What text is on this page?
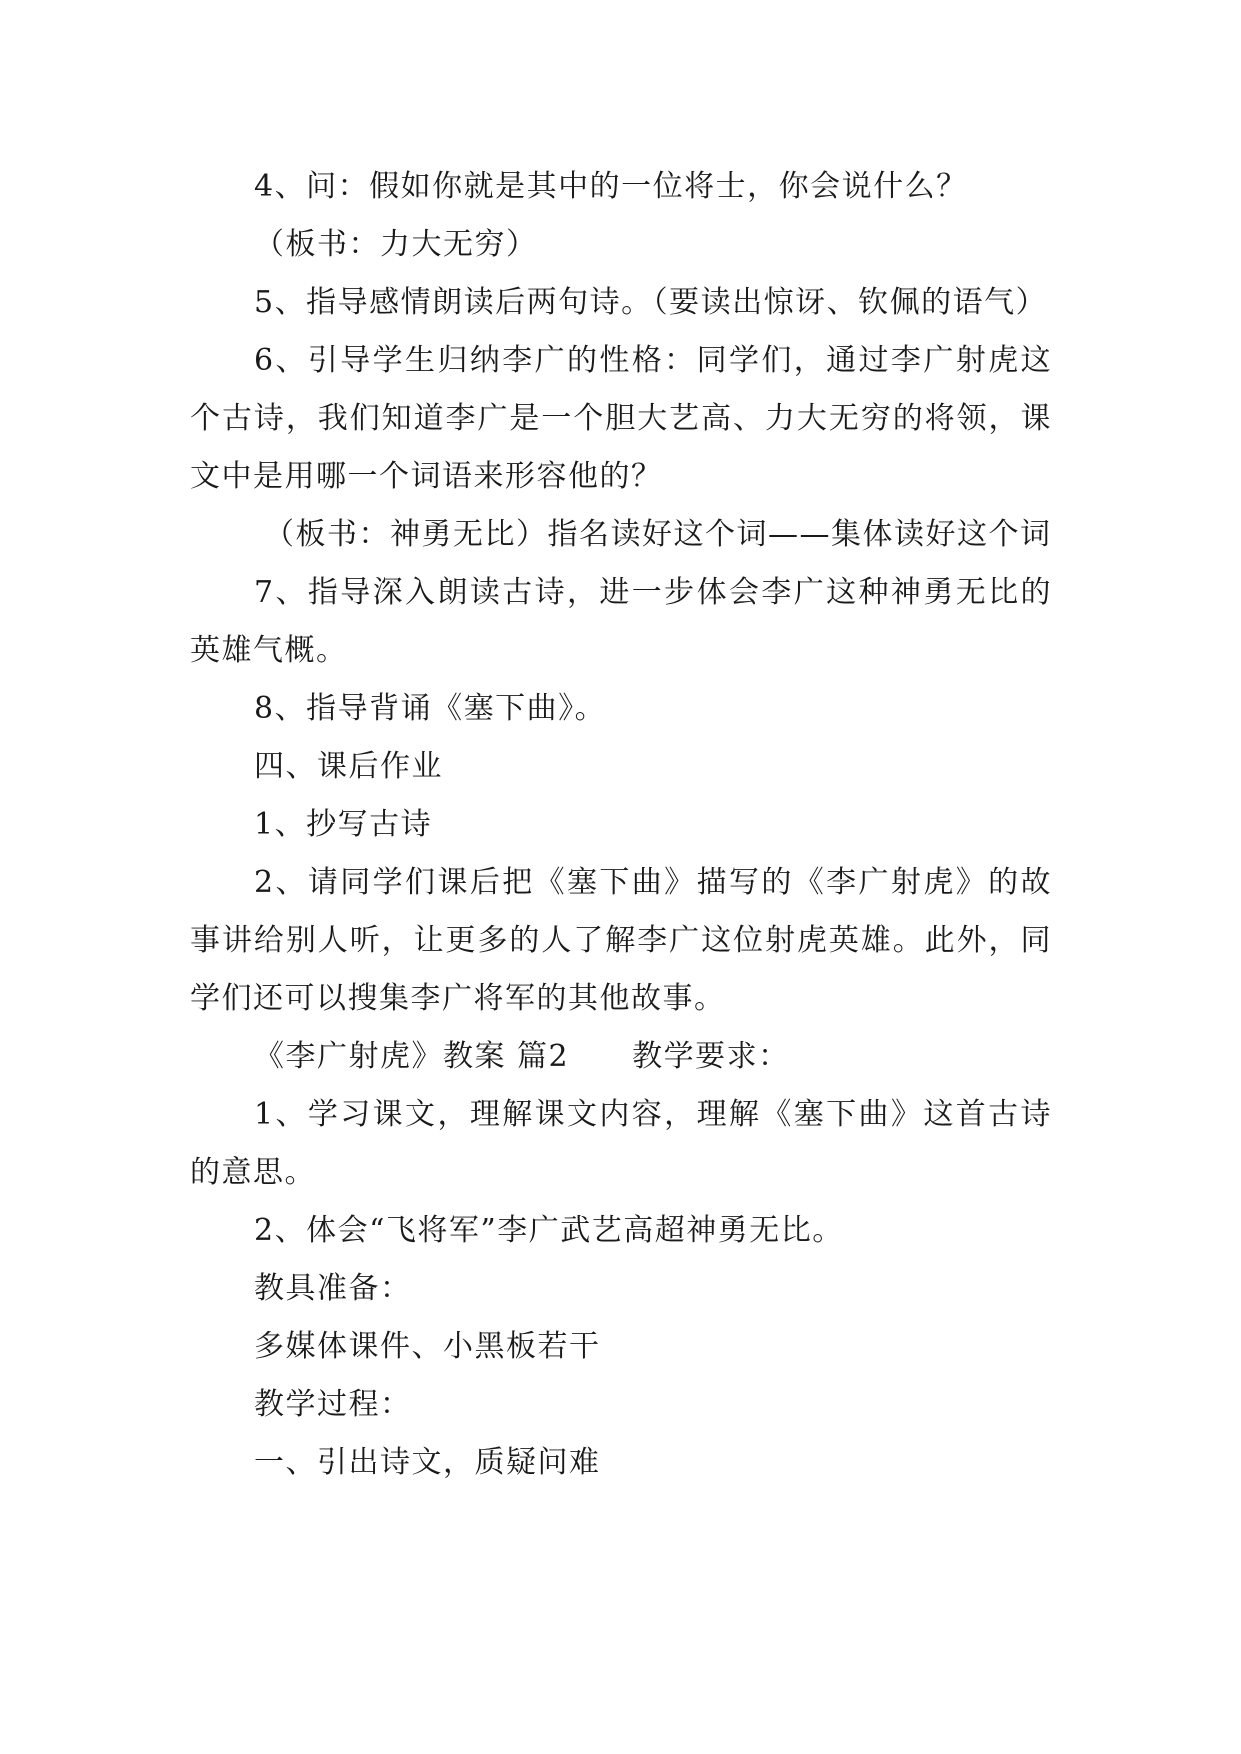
4、问：假如你就是其中的一位将士，你会说什么？

（板书：力大无穷）

5、指导感情朗读后两句诗。（要读出惊讶、钦佩的语气）

6、引导学生归纳李广的性格：同学们，通过李广射虎这个古诗，我们知道李广是一个胆大艺高、力大无穷的将领，课文中是用哪一个词语来形容他的？

（板书：神勇无比）指名读好这个词——集体读好这个词

7、指导深入朗读古诗，进一步体会李广这种神勇无比的英雄气概。

8、指导背诵《塞下曲》。

四、课后作业

1、抄写古诗

2、请同学们课后把《塞下曲》描写的《李广射虎》的故事讲给别人听，让更多的人了解李广这位射虎英雄。此外，同学们还可以搜集李广将军的其他故事。

《李广射虎》教案 篇2　　教学要求：

1、学习课文，理解课文内容，理解《塞下曲》这首古诗的意思。

2、体会“飞将军”李广武艺高超神勇无比。

教具准备：

多媒体课件、小黑板若干

教学过程：

一、引出诗文，质疑问难
